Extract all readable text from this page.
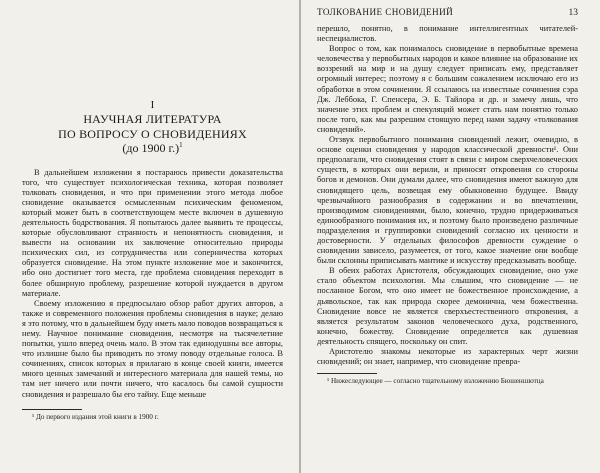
I
НАУЧНАЯ ЛИТЕРАТУРА
ПО ВОПРОСУ О СНОВИДЕНИЯХ
(до 1900 г.)$^1$

В дальнейшем изложении я постараюсь привести доказательства того, что существует психологическая техника, которая позволяет толковать сновидения, и что при применении этого метода любое сновидение оказывается осмысленным психическим феноменом, который может быть в соответствующем месте включен в душевную деятельность бодрствования. Я попытаюсь далее выявить те процессы, которые обусловливают странность и непонятность сновидения, и вывести на основании их заключение относительно природы психических сил, из сотрудничества или соперничества которых образуется сновидение. На этом пункте изложение мое и закончится, ибо оно достигнет того места, где проблема сновидения переходит в более обширную проблему, разрешение которой нуждается в другом материале.

Своему изложению я предпосылаю обзор работ других авторов, а также и современного положения проблемы сновидения в науке; делаю я это потому, что в дальнейшем буду иметь мало поводов возвращаться к нему. Научное понимание сновидения, несмотря на тысячелетние попытки, ушло вперед очень мало. В этом так единодушны все авторы, что излишне было бы приводить по этому поводу отдельные голоса. В сочинениях, список которых я прилагаю в конце своей книги, имеется много ценных замечаний и интересного материала для нашей темы, но там нет ничего или почти ничего, что касалось бы самой сущности сновидения и разрешало бы его тайну. Еще меньше

¹ До первого издания этой книги в 1900 г.
ТОЛКОВАНИЕ СНОВИДЕНИЙ	13

перешло, понятно, в понимание интеллигентных читателей-неспециалистов.

Вопрос о том, как понималось сновидение в первобытные времена человечества у первобытных народов и какое влияние на образование их воззрений на мир и на душу следует приписать ему, представляет огромный интерес; поэтому я с большим сожалением исключаю его из обработки в этом сочинении. Я ссылаюсь на известные сочинения сэра Дж. Леббока, Г. Спенсера, Э. Б. Тайлора и др. и замечу лишь, что значение этих проблем и спекуляций может стать нам понятно только после того, как мы разрешим стоящую перед нами задачу «толкования сновидений».

Отзвук первобытного понимания сновидений лежит, очевидно, в основе оценки сновидения у народов классической древности¹. Они предполагали, что сновидения стоят в связи с миром сверхчеловеческих существ, в которых они верили, и приносят откровения со стороны богов и демонов. Они думали далее, что сновидения имеют важную для сновидящего цель, возвещая ему обыкновенно будущее. Ввиду чрезвычайного разнообразия в содержании и во впечатлении, производимом сновидениями, было, конечно, трудно придерживаться единообразного понимания их, и поэтому было произведено различные подразделения и группировки сновидений согласно их ценности и достоверности. У отдельных философов древности суждение о сновидении зависело, разумеется, от того, какое значение они вообще были склонны приписывать мантике и искусству предсказывать вообще.

В обеих работах Аристотеля, обсуждающих сновидение, оно уже стало объектом психологии. Мы слышим, что сновидение — не посланное Богом, что оно имеет не божественное происхождение, а дьявольское, так как природа скорее демонична, чем божественна. Сновидение вовсе не является сверхъестественного откровения, а является результатом законов человеческого духа, родственного, конечно, божеству. Сновидение определяется как душевная деятельность спящего, поскольку он спит.

Аристотелю знакомы некоторые из характерных черт жизни сновидений; он знает, например, что сновидение превра-

¹ Нижеследующее — согласно тщательному изложению Бюшеншютца
